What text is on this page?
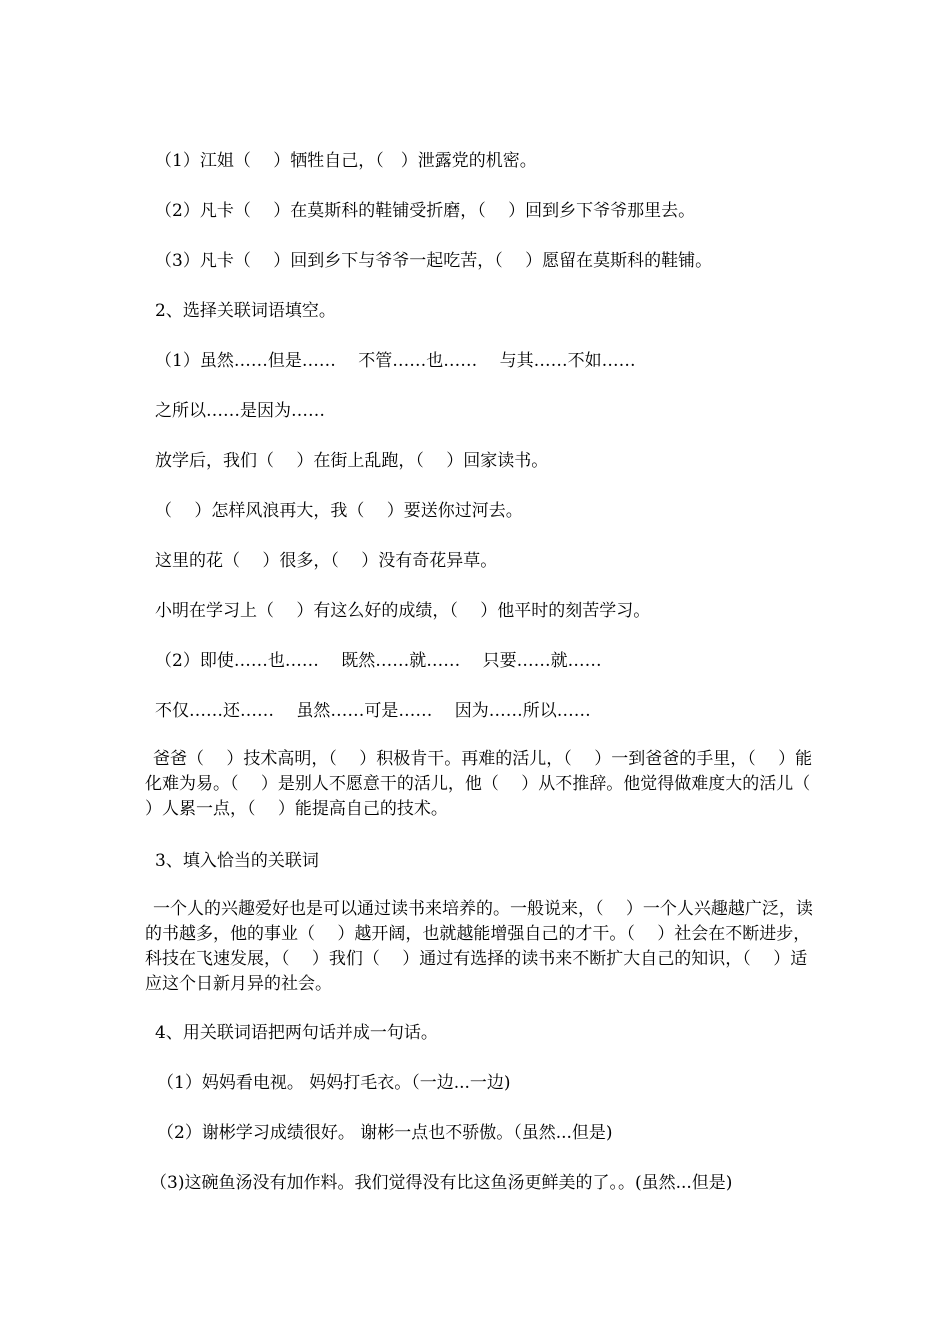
（1）江姐（　 ）牺牲自己，（　）泄露党的机密。
（2）凡卡（　 ）在莫斯科的鞋铺受折磨，（　 ）回到乡下爷爷那里去。
（3）凡卡（　 ）回到乡下与爷爷一起吃苦，（　 ）愿留在莫斯科的鞋铺。
2、选择关联词语填空。
（1）虽然……但是……　 不管……也……　 与其……不如……
之所以……是因为……
放学后，我们（　 ）在街上乱跑，（　 ）回家读书。
（　 ）怎样风浪再大，我（　 ）要送你过河去。
这里的花（　 ）很多，（　 ）没有奇花异草。
小明在学习上（　 ）有这么好的成绩，（　 ）他平时的刻苦学习。
（2）即使……也……　 既然……就……　 只要……就……
不仅……还……　 虽然……可是……　 因为……所以……
爸爸（　 ）技术高明，（　 ）积极肯干。再难的活儿，（　 ）一到爸爸的手里，（　 ）能化难为易。（　 ）是别人不愿意干的活儿，他（　 ）从不推辞。他觉得做难度大的活儿（　 ）人累一点，（　 ）能提高自己的技术。
3、填入恰当的关联词
一个人的兴趣爱好也是可以通过读书来培养的。一般说来，（　 ）一个人兴趣越广泛，读的书越多，他的事业（　 ）越开阔，也就越能增强自己的才干。（　 ）社会在不断进步，科技在飞速发展，（　 ）我们（　 ）通过有选择的读书来不断扩大自己的知识，（　 ）适应这个日新月异的社会。
4、用关联词语把两句话并成一句话。
（1）妈妈看电视。 妈妈打毛衣。（一边...一边)
（2）谢彬学习成绩很好。 谢彬一点也不骄傲。（虽然...但是)
（3)这碗鱼汤没有加作料。我们觉得没有比这鱼汤更鲜美的了。。(虽然...但是)
